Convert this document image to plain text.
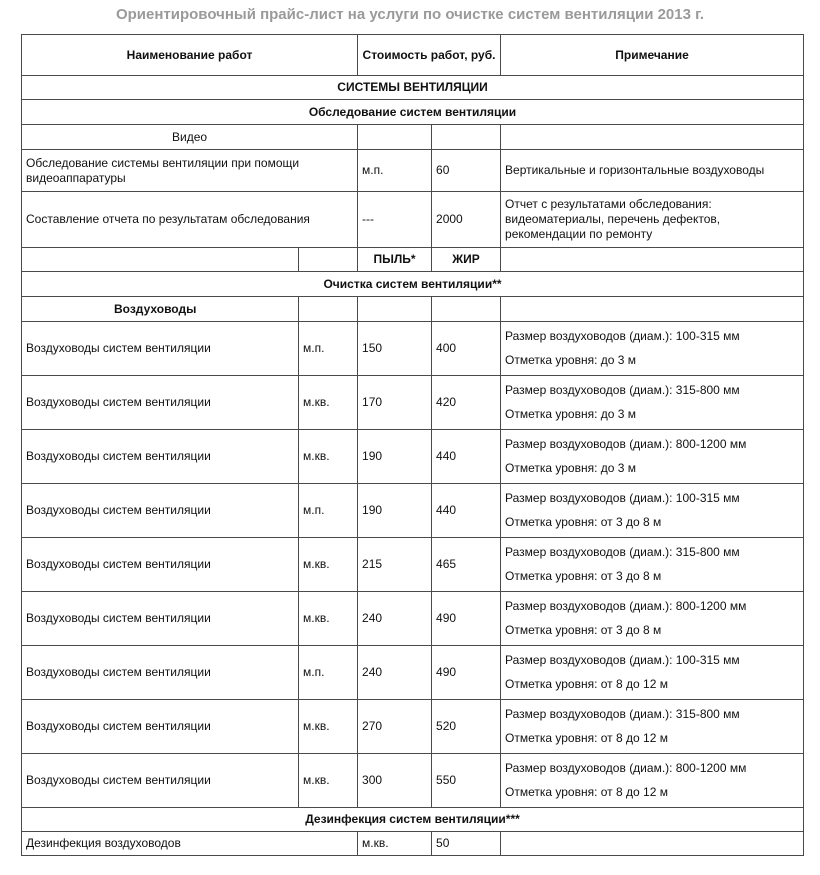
Ориентировочный прайс-лист на услуги по очистке систем вентиляции 2013 г.
Наименование работ		Стоимость работ, руб.		Примечание
СИСТЕМЫ ВЕНТИЛЯЦИИ				
Обследование систем вентиляции				
Видео				
Обследование системы вентиляции при помощи видеоаппаратуры		м.п.	60	Вертикальные и горизонтальные воздуховоды
Составление отчета по результатам обследования		---	2000	Отчет с результатами обследования: видеоматериалы, перечень дефектов, рекомендации по ремонту
		ПЫЛЬ*	ЖИР	
Очистка систем вентиляции**				
Воздуховоды				
Воздуховоды систем вентиляции	м.п.	150	400	Размер воздуховодов (диам.): 100-315 мм
Отметка уровня: до 3 м

Воздуховоды систем вентиляции	м.кв.	170	420	Размер воздуховодов (диам.): 315-800 мм
Отметка уровня: до 3 м

Воздуховоды систем вентиляции	м.кв.	190	440	Размер воздуховодов (диам.): 800-1200 мм
Отметка уровня: до 3 м

Воздуховоды систем вентиляции	м.п.	190	440	Размер воздуховодов (диам.): 100-315 мм
Отметка уровня: от 3 до 8 м

Воздуховоды систем вентиляции	м.кв.	215	465	Размер воздуховодов (диам.): 315-800 мм
Отметка уровня: от 3 до 8 м

Воздуховоды систем вентиляции	м.кв.	240	490	Размер воздуховодов (диам.): 800-1200 мм
Отметка уровня: от 3 до 8 м

Воздуховоды систем вентиляции	м.п.	240	490	Размер воздуховодов (диам.): 100-315 мм
Отметка уровня: от 8 до 12 м

Воздуховоды систем вентиляции	м.кв.	270	520	Размер воздуховодов (диам.): 315-800 мм
Отметка уровня: от 8 до 12 м

Воздуховоды систем вентиляции	м.кв.	300	550	Размер воздуховодов (диам.): 800-1200 мм
Отметка уровня: от 8 до 12 м

Дезинфекция систем вентиляции***				
Дезинфекция воздуховодов		м.кв.	50	
